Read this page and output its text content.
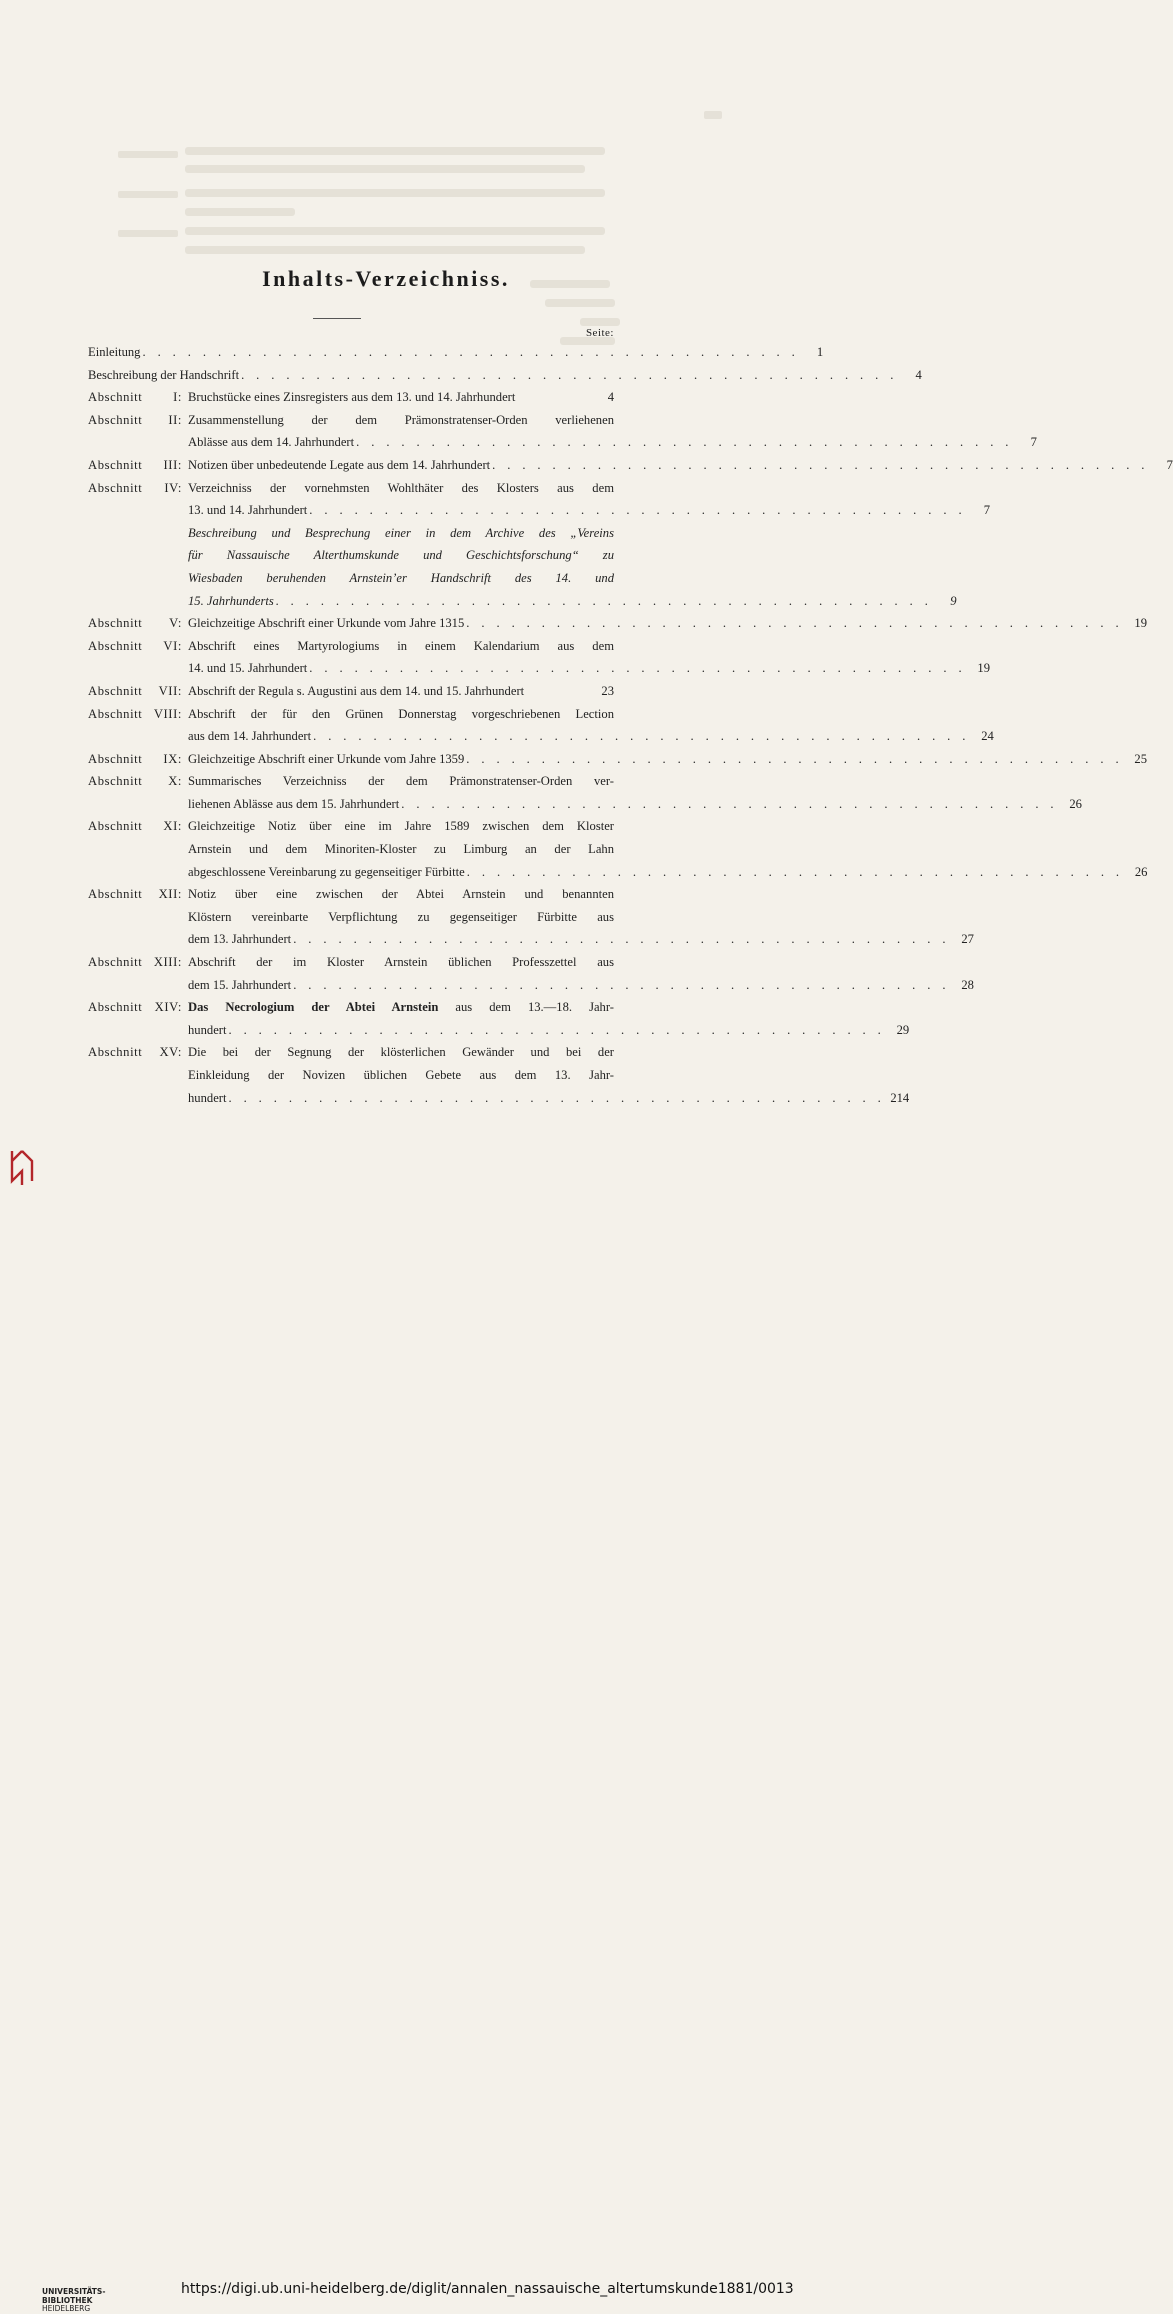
Inhalts-Verzeichniss.
Seite:
Einleitung . . . . . . . . . . . . . . . . . . . . . . . . . . . . . . . . . . . . . . . . . . . .	1
Beschreibung der Handschrift . . . . . . . . . . . . . . . . . . . . . . . . . . . . . . . . . . . . . . . . . . . .	4
Abschnitt I: Bruchstücke eines Zinsregisters aus dem 13. und 14. Jahrhundert	4
Abschnitt II: Zusammenstellung der dem Prämonstratenser-Orden verliehenen
Ablässe aus dem 14. Jahrhundert . . . . . . . . . . . . . . . . . . . . . . . . . . . . . . . . . . . . . . . . . . . .	7
Abschnitt III: Notizen über unbedeutende Legate aus dem 14. Jahrhundert . . . . . . . . . . . . . . . . . . . . . . . . . . . . . . . . . . . . . . . . . . . .	7
Abschnitt IV: Verzeichniss der vornehmsten Wohlthäter des Klosters aus dem
13. und 14. Jahrhundert . . . . . . . . . . . . . . . . . . . . . . . . . . . . . . . . . . . . . . . . . . . .	7
Beschreibung und Besprechung einer in dem Archive des „Vereins
für Nassauische Alterthumskunde und Geschichtsforschung“ zu
Wiesbaden beruhenden Arnstein’er Handschrift des 14. und
15. Jahrhunderts . . . . . . . . . . . . . . . . . . . . . . . . . . . . . . . . . . . . . . . . . . . .	9
Abschnitt V: Gleichzeitige Abschrift einer Urkunde vom Jahre 1315 . . . . . . . . . . . . . . . . . . . . . . . . . . . . . . . . . . . . . . . . . . . . 19
Abschnitt VI: Abschrift eines Martyrologiums in einem Kalendarium aus dem
14. und 15. Jahrhundert . . . . . . . . . . . . . . . . . . . . . . . . . . . . . . . . . . . . . . . . . . . . 19
Abschnitt VII: Abschrift der Regula s. Augustini aus dem 14. und 15. Jahrhundert	23
Abschnitt VIII: Abschrift der für den Grünen Donnerstag vorgeschriebenen Lection
aus dem 14. Jahrhundert . . . . . . . . . . . . . . . . . . . . . . . . . . . . . . . . . . . . . . . . . . . . 24
Abschnitt IX: Gleichzeitige Abschrift einer Urkunde vom Jahre 1359 . . . . . . . . . . . . . . . . . . . . . . . . . . . . . . . . . . . . . . . . . . . . 25
Abschnitt X: Summarisches Verzeichniss der dem Prämonstratenser-Orden ver-
liehenen Ablässe aus dem 15. Jahrhundert . . . . . . . . . . . . . . . . . . . . . . . . . . . . . . . . . . . . . . . . . . . . 26
Abschnitt XI: Gleichzeitige Notiz über eine im Jahre 1589 zwischen dem Kloster
Arnstein und dem Minoriten-Kloster zu Limburg an der Lahn
abgeschlossene Vereinbarung zu gegenseitiger Fürbitte . . . . . . . . . . . . . . . . . . . . . . . . . . . . . . . . . . . . . . . . . . . . 26
Abschnitt XII: Notiz über eine zwischen der Abtei Arnstein und benannten
Klöstern vereinbarte Verpflichtung zu gegenseitiger Fürbitte aus
dem 13. Jahrhundert . . . . . . . . . . . . . . . . . . . . . . . . . . . . . . . . . . . . . . . . . . . . 27
Abschnitt XIII: Abschrift der im Kloster Arnstein üblichen Professzettel aus
dem 15. Jahrhundert . . . . . . . . . . . . . . . . . . . . . . . . . . . . . . . . . . . . . . . . . . . . 28
Abschnitt XIV: Das Necrologium der Abtei Arnstein aus dem 13.—18. Jahr-
hundert . . . . . . . . . . . . . . . . . . . . . . . . . . . . . . . . . . . . . . . . . . . . 29
Abschnitt XV: Die bei der Segnung der klösterlichen Gewänder und bei der
Einkleidung der Novizen üblichen Gebete aus dem 13. Jahr-
hundert . . . . . . . . . . . . . . . . . . . . . . . . . . . . . . . . . . . . . . . . . . . . 214
UNIVERSITÄTS-
BIBLIOTHEK
HEIDELBERG
https://digi.ub.uni-heidelberg.de/diglit/annalen_nassauische_altertumskunde1881/0013
